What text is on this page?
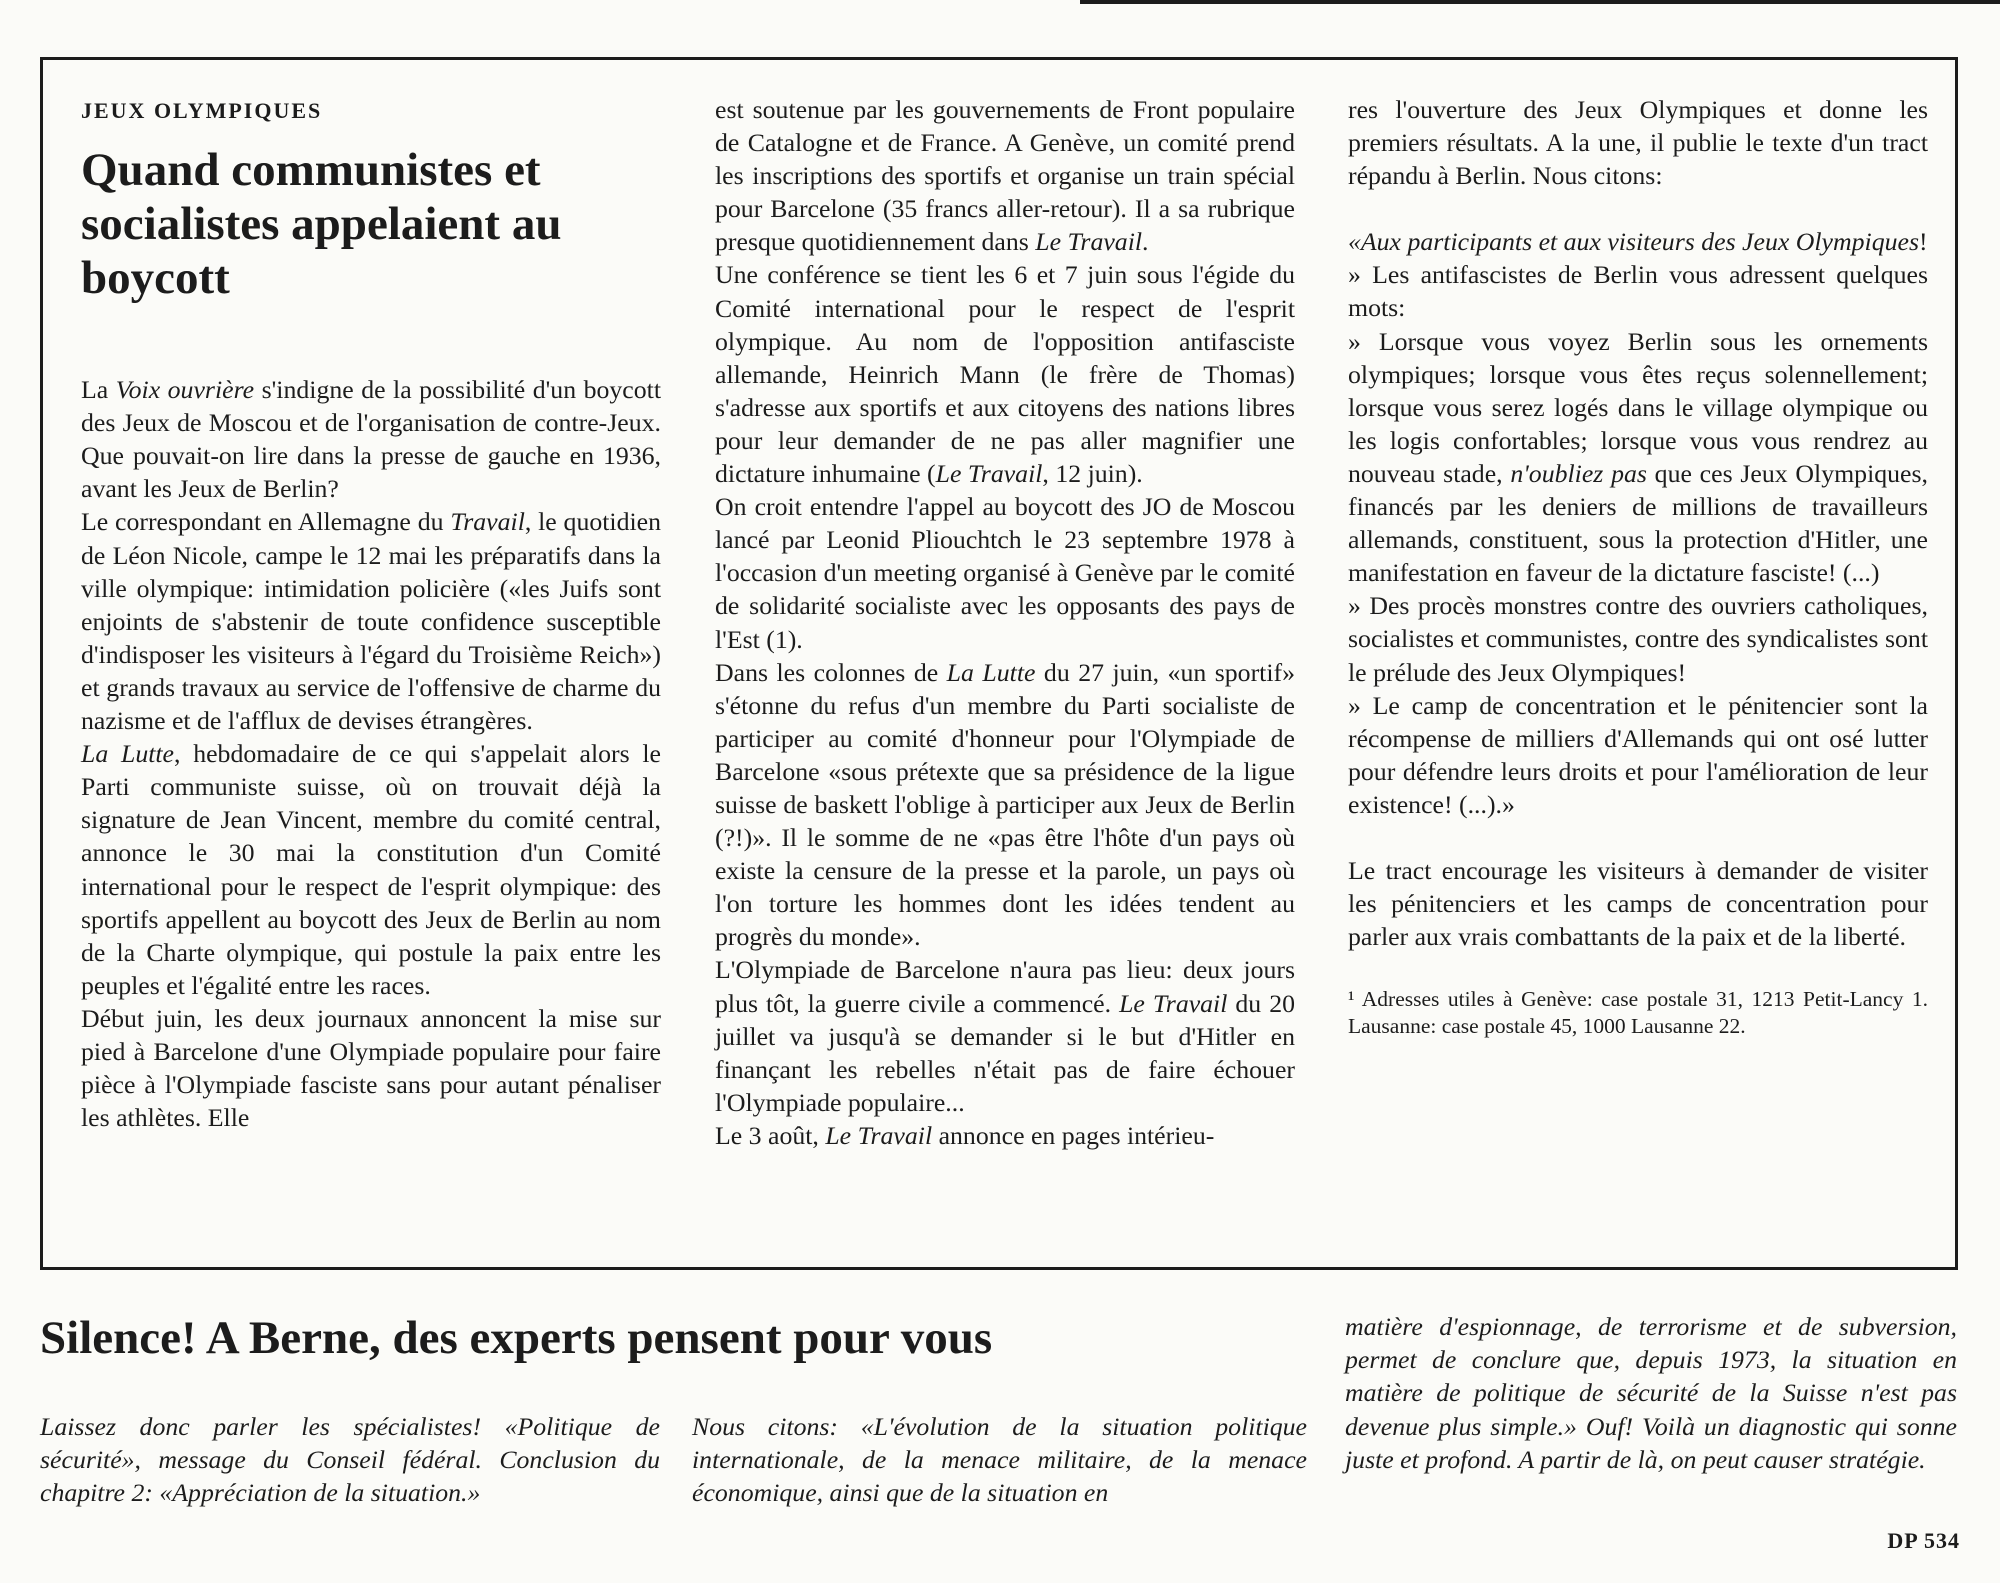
JEUX OLYMPIQUES
Quand communistes et socialistes appelaient au boycott

La Voix ouvrière s'indigne de la possibilité d'un boycott des Jeux de Moscou et de l'organisation de contre-Jeux. Que pouvait-on lire dans la presse de gauche en 1936, avant les Jeux de Berlin?

Le correspondant en Allemagne du Travail, le quotidien de Léon Nicole, campe le 12 mai les préparatifs dans la ville olympique: intimidation policière («les Juifs sont enjoints de s'abstenir de toute confidence susceptible d'indisposer les visiteurs à l'égard du Troisième Reich») et grands travaux au service de l'offensive de charme du nazisme et de l'afflux de devises étrangères.

La Lutte, hebdomadaire de ce qui s'appelait alors le Parti communiste suisse, où on trouvait déjà la signature de Jean Vincent, membre du comité central, annonce le 30 mai la constitution d'un Comité international pour le respect de l'esprit olympique: des sportifs appellent au boycott des Jeux de Berlin au nom de la Charte olympique, qui postule la paix entre les peuples et l'égalité entre les races.

Début juin, les deux journaux annoncent la mise sur pied à Barcelone d'une Olympiade populaire pour faire pièce à l'Olympiade fasciste sans pour autant pénaliser les athlètes. Elle

est soutenue par les gouvernements de Front populaire de Catalogne et de France. A Genève, un comité prend les inscriptions des sportifs et organise un train spécial pour Barcelone (35 francs aller-retour). Il a sa rubrique presque quotidiennement dans Le Travail.

Une conférence se tient les 6 et 7 juin sous l'égide du Comité international pour le respect de l'esprit olympique. Au nom de l'opposition antifasciste allemande, Heinrich Mann (le frère de Thomas) s'adresse aux sportifs et aux citoyens des nations libres pour leur demander de ne pas aller magnifier une dictature inhumaine (Le Travail, 12 juin).

On croit entendre l'appel au boycott des JO de Moscou lancé par Leonid Pliouchtch le 23 septembre 1978 à l'occasion d'un meeting organisé à Genève par le comité de solidarité socialiste avec les opposants des pays de l'Est (1).

Dans les colonnes de La Lutte du 27 juin, «un sportif» s'étonne du refus d'un membre du Parti socialiste de participer au comité d'honneur pour l'Olympiade de Barcelone «sous prétexte que sa présidence de la ligue suisse de baskett l'oblige à participer aux Jeux de Berlin (?!)». Il le somme de ne «pas être l'hôte d'un pays où existe la censure de la presse et la parole, un pays où l'on torture les hommes dont les idées tendent au progrès du monde».

L'Olympiade de Barcelone n'aura pas lieu: deux jours plus tôt, la guerre civile a commencé. Le Travail du 20 juillet va jusqu'à se demander si le but d'Hitler en finançant les rebelles n'était pas de faire échouer l'Olympiade populaire...

Le 3 août, Le Travail annonce en pages intérieu-

res l'ouverture des Jeux Olympiques et donne les premiers résultats. A la une, il publie le texte d'un tract répandu à Berlin. Nous citons:

«Aux participants et aux visiteurs des Jeux Olympiques!

» Les antifascistes de Berlin vous adressent quelques mots:

» Lorsque vous voyez Berlin sous les ornements olympiques; lorsque vous êtes reçus solennellement; lorsque vous serez logés dans le village olympique ou les logis confortables; lorsque vous vous rendrez au nouveau stade, n'oubliez pas que ces Jeux Olympiques, financés par les deniers de millions de travailleurs allemands, constituent, sous la protection d'Hitler, une manifestation en faveur de la dictature fasciste! (...)

» Des procès monstres contre des ouvriers catholiques, socialistes et communistes, contre des syndicalistes sont le prélude des Jeux Olympiques!

» Le camp de concentration et le pénitencier sont la récompense de milliers d'Allemands qui ont osé lutter pour défendre leurs droits et pour l'amélioration de leur existence! (...).»

Le tract encourage les visiteurs à demander de visiter les pénitenciers et les camps de concentration pour parler aux vrais combattants de la paix et de la liberté.

¹ Adresses utiles à Genève: case postale 31, 1213 Petit-Lancy 1. Lausanne: case postale 45, 1000 Lausanne 22.

Silence! A Berne, des experts pensent pour vous
Laissez donc parler les spécialistes! «Politique de sécurité», message du Conseil fédéral. Conclusion du chapitre 2: «Appréciation de la situation.»
Nous citons: «L'évolution de la situation politique internationale, de la menace militaire, de la menace économique, ainsi que de la situation en
matière d'espionnage, de terrorisme et de subversion, permet de conclure que, depuis 1973, la situation en matière de politique de sécurité de la Suisse n'est pas devenue plus simple.» Ouf! Voilà un diagnostic qui sonne juste et profond. A partir de là, on peut causer stratégie.
DP 534
